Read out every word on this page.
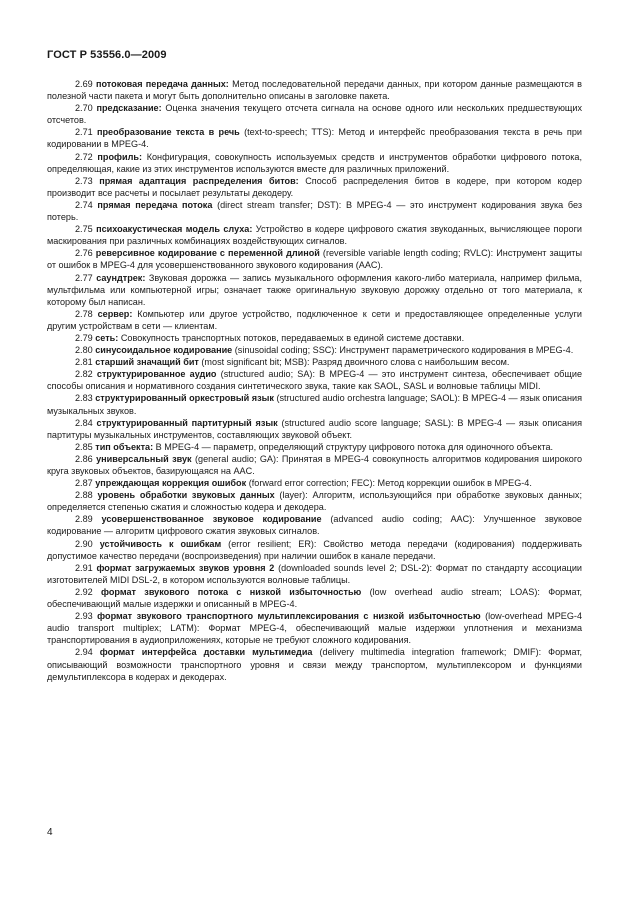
ГОСТ Р 53556.0—2009

2.69 потоковая передача данных: Метод последовательной передачи данных, при котором данные размещаются в полезной части пакета и могут быть дополнительно описаны в заголовке пакета.

2.70 предсказание: Оценка значения текущего отсчета сигнала на основе одного или нескольких предшествующих отсчетов.

2.71 преобразование текста в речь (text-to-speech; TTS): Метод и интерфейс преобразования текста в речь при кодировании в MPEG-4.

2.72 профиль: Конфигурация, совокупность используемых средств и инструментов обработки цифрового потока, определяющая, какие из этих инструментов используются вместе для различных приложений.

2.73 прямая адаптация распределения битов: Способ распределения битов в кодере, при котором кодер производит все расчеты и посылает результаты декодеру.

2.74 прямая передача потока (direct stream transfer; DST): В MPEG-4 — это инструмент кодирования звука без потерь.

2.75 психоакустическая модель слуха: Устройство в кодере цифрового сжатия звукоданных, вычисляющее пороги маскирования при различных комбинациях воздействующих сигналов.

2.76 реверсивное кодирование с переменной длиной (reversible variable length coding; RVLC): Инструмент защиты от ошибок в MPEG-4 для усовершенствованного звукового кодирования (AAC).

2.77 саундтрек: Звуковая дорожка — запись музыкального оформления какого-либо материала, например фильма, мультфильма или компьютерной игры; означает также оригинальную звуковую дорожку отдельно от того материала, к которому был написан.

2.78 сервер: Компьютер или другое устройство, подключенное к сети и предоставляющее определенные услуги другим устройствам в сети — клиентам.

2.79 сеть: Совокупность транспортных потоков, передаваемых в единой системе доставки.

2.80 синусоидальное кодирование (sinusoidal coding; SSC): Инструмент параметрического кодирования в MPEG-4.

2.81 старший значащий бит (most significant bit; MSB): Разряд двоичного слова с наибольшим весом.

2.82 структурированное аудио (structured audio; SA): В MPEG-4 — это инструмент синтеза, обеспечивает общие способы описания и нормативного создания синтетического звука, такие как SAOL, SASL и волновые таблицы MIDI.

2.83 структурированный оркестровый язык (structured audio orchestra language; SAOL): В MPEG-4 — язык описания музыкальных звуков.

2.84 структурированный партитурный язык (structured audio score language; SASL): В MPEG-4 — язык описания партитуры музыкальных инструментов, составляющих звуковой объект.

2.85 тип объекта: В MPEG-4 — параметр, определяющий структуру цифрового потока для одиночного объекта.

2.86 универсальный звук (general audio; GA): Принятая в MPEG-4 совокупность алгоритмов кодирования широкого круга звуковых объектов, базирующаяся на AAC.

2.87 упреждающая коррекция ошибок (forward error correction; FEC): Метод коррекции ошибок в MPEG-4.

2.88 уровень обработки звуковых данных (layer): Алгоритм, использующийся при обработке звуковых данных; определяется степенью сжатия и сложностью кодера и декодера.

2.89 усовершенствованное звуковое кодирование (advanced audio coding; AAC): Улучшенное звуковое кодирование — алгоритм цифрового сжатия звуковых сигналов.

2.90 устойчивость к ошибкам (error resilient; ER): Свойство метода передачи (кодирования) поддерживать допустимое качество передачи (воспроизведения) при наличии ошибок в канале передачи.

2.91 формат загружаемых звуков уровня 2 (downloaded sounds level 2; DSL-2): Формат по стандарту ассоциации изготовителей MIDI DSL-2, в котором используются волновые таблицы.

2.92 формат звукового потока с низкой избыточностью (low overhead audio stream; LOAS): Формат, обеспечивающий малые издержки и описанный в MPEG-4.

2.93 формат звукового транспортного мультиплексирования с низкой избыточностью (low-overhead MPEG-4 audio transport multiplex; LATM): Формат MPEG-4, обеспечивающий малые издержки уплотнения и механизма транспортирования в аудиоприложениях, которые не требуют сложного кодирования.

2.94 формат интерфейса доставки мультимедиа (delivery multimedia integration framework; DMIF): Формат, описывающий возможности транспортного уровня и связи между транспортом, мультиплексором и функциями демультиплексора в кодерах и декодерах.

4
